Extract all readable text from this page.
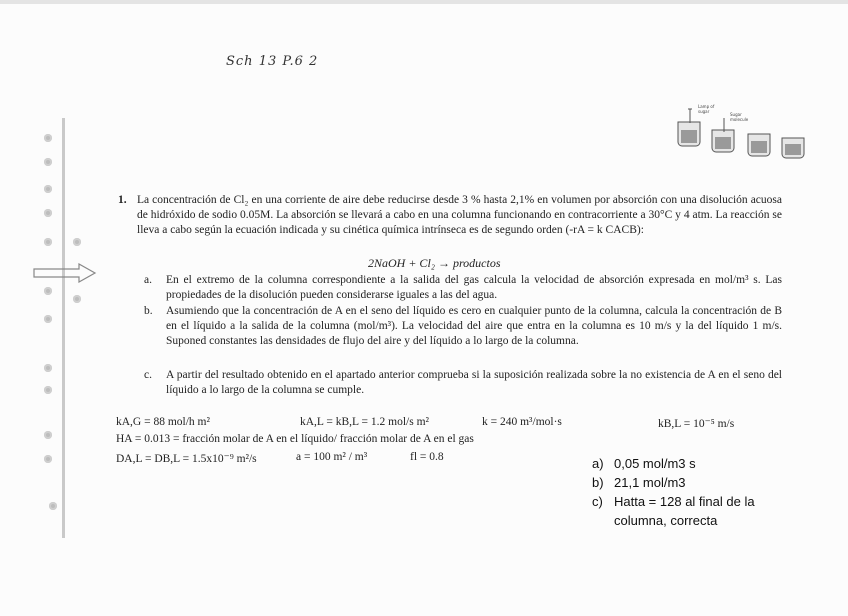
Sch 13 P.6 2
Lamp of sugar
Sugar molecule
1. La concentración de Cl₂ en una corriente de aire debe reducirse desde 3 % hasta 2,1% en volumen por absorción con una disolución acuosa de hidróxido de sodio 0.05M. La absorción se llevará a cabo en una columna funcionando en contracorriente a 30°C y 4 atm. La reacción se lleva a cabo según la ecuación indicada y su cinética química intrínseca es de segundo orden (-rA = k CACB):
2NaOH + Cl₂ → productos
a. En el extremo de la columna correspondiente a la salida del gas calcula la velocidad de absorción expresada en mol/m³ s. Las propiedades de la disolución pueden considerarse iguales a las del agua.
b. Asumiendo que la concentración de A en el seno del líquido es cero en cualquier punto de la columna, calcula la concentración de B en el líquido a la salida de la columna (mol/m³). La velocidad del aire que entra en la columna es 10 m/s y la del líquido 1 m/s. Suponed constantes las densidades de flujo del aire y del líquido a lo largo de la columna.
c. A partir del resultado obtenido en el apartado anterior comprueba si la suposición realizada sobre la no existencia de A en el seno del líquido a lo largo de la columna se cumple.
kA,G = 88 mol/h m²	kA,L = kB,L = 1.2 mol/s m²	k = 240 m³/mol·s	kB,L = 10⁻⁵ m/s
HA = 0.013 = fracción molar de A en el líquido/ fracción molar de A en el gas
DA,L = DB,L = 1.5x10⁻⁹ m²/s	a = 100 m² / m³	fl = 0.8	a) 0,05 mol/m3 s
b) 21,1 mol/m3
c) Hatta = 128 al final de la columna, correcta
